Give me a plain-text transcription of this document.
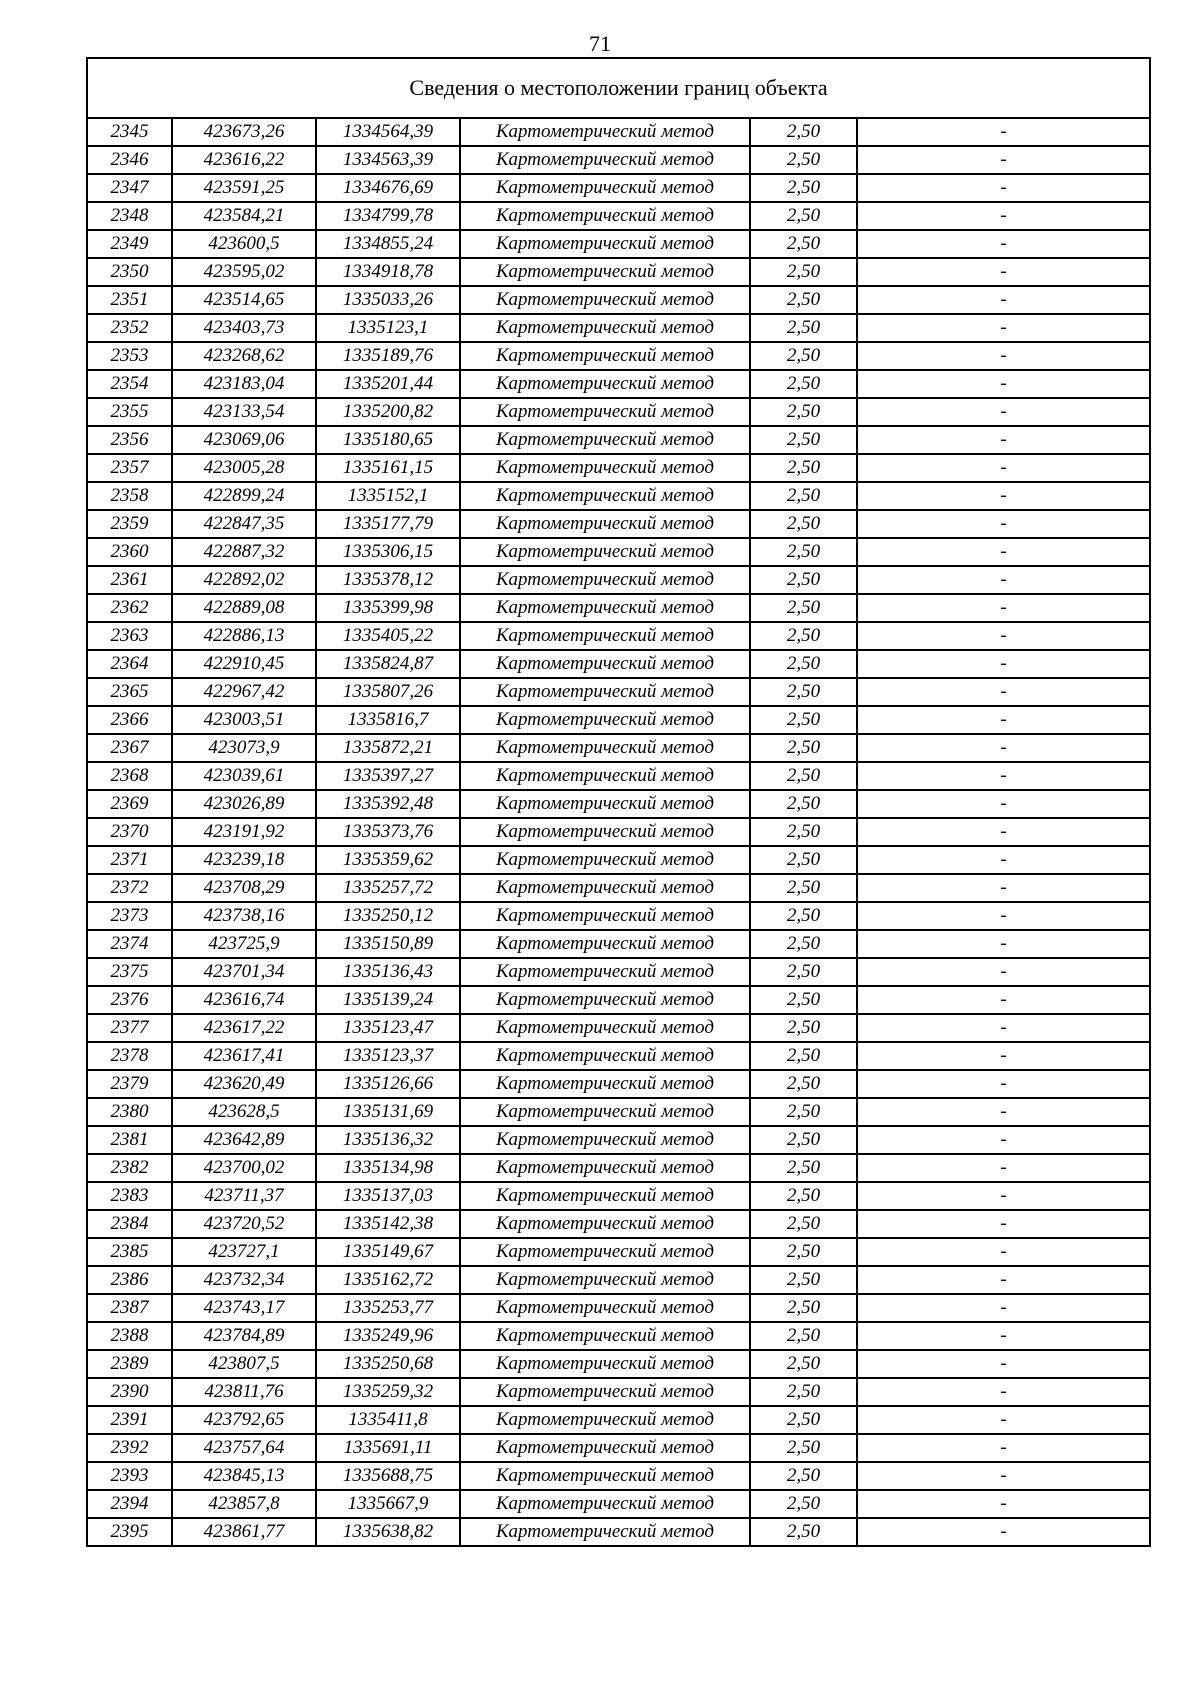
71
Сведения о местоположении границ объекта					
2345	423673,26	1334564,39	Картометрический метод	2,50	-
2346	423616,22	1334563,39	Картометрический метод	2,50	-
2347	423591,25	1334676,69	Картометрический метод	2,50	-
2348	423584,21	1334799,78	Картометрический метод	2,50	-
2349	423600,5	1334855,24	Картометрический метод	2,50	-
2350	423595,02	1334918,78	Картометрический метод	2,50	-
2351	423514,65	1335033,26	Картометрический метод	2,50	-
2352	423403,73	1335123,1	Картометрический метод	2,50	-
2353	423268,62	1335189,76	Картометрический метод	2,50	-
2354	423183,04	1335201,44	Картометрический метод	2,50	-
2355	423133,54	1335200,82	Картометрический метод	2,50	-
2356	423069,06	1335180,65	Картометрический метод	2,50	-
2357	423005,28	1335161,15	Картометрический метод	2,50	-
2358	422899,24	1335152,1	Картометрический метод	2,50	-
2359	422847,35	1335177,79	Картометрический метод	2,50	-
2360	422887,32	1335306,15	Картометрический метод	2,50	-
2361	422892,02	1335378,12	Картометрический метод	2,50	-
2362	422889,08	1335399,98	Картометрический метод	2,50	-
2363	422886,13	1335405,22	Картометрический метод	2,50	-
2364	422910,45	1335824,87	Картометрический метод	2,50	-
2365	422967,42	1335807,26	Картометрический метод	2,50	-
2366	423003,51	1335816,7	Картометрический метод	2,50	-
2367	423073,9	1335872,21	Картометрический метод	2,50	-
2368	423039,61	1335397,27	Картометрический метод	2,50	-
2369	423026,89	1335392,48	Картометрический метод	2,50	-
2370	423191,92	1335373,76	Картометрический метод	2,50	-
2371	423239,18	1335359,62	Картометрический метод	2,50	-
2372	423708,29	1335257,72	Картометрический метод	2,50	-
2373	423738,16	1335250,12	Картометрический метод	2,50	-
2374	423725,9	1335150,89	Картометрический метод	2,50	-
2375	423701,34	1335136,43	Картометрический метод	2,50	-
2376	423616,74	1335139,24	Картометрический метод	2,50	-
2377	423617,22	1335123,47	Картометрический метод	2,50	-
2378	423617,41	1335123,37	Картометрический метод	2,50	-
2379	423620,49	1335126,66	Картометрический метод	2,50	-
2380	423628,5	1335131,69	Картометрический метод	2,50	-
2381	423642,89	1335136,32	Картометрический метод	2,50	-
2382	423700,02	1335134,98	Картометрический метод	2,50	-
2383	423711,37	1335137,03	Картометрический метод	2,50	-
2384	423720,52	1335142,38	Картометрический метод	2,50	-
2385	423727,1	1335149,67	Картометрический метод	2,50	-
2386	423732,34	1335162,72	Картометрический метод	2,50	-
2387	423743,17	1335253,77	Картометрический метод	2,50	-
2388	423784,89	1335249,96	Картометрический метод	2,50	-
2389	423807,5	1335250,68	Картометрический метод	2,50	-
2390	423811,76	1335259,32	Картометрический метод	2,50	-
2391	423792,65	1335411,8	Картометрический метод	2,50	-
2392	423757,64	1335691,11	Картометрический метод	2,50	-
2393	423845,13	1335688,75	Картометрический метод	2,50	-
2394	423857,8	1335667,9	Картометрический метод	2,50	-
2395	423861,77	1335638,82	Картометрический метод	2,50	-
